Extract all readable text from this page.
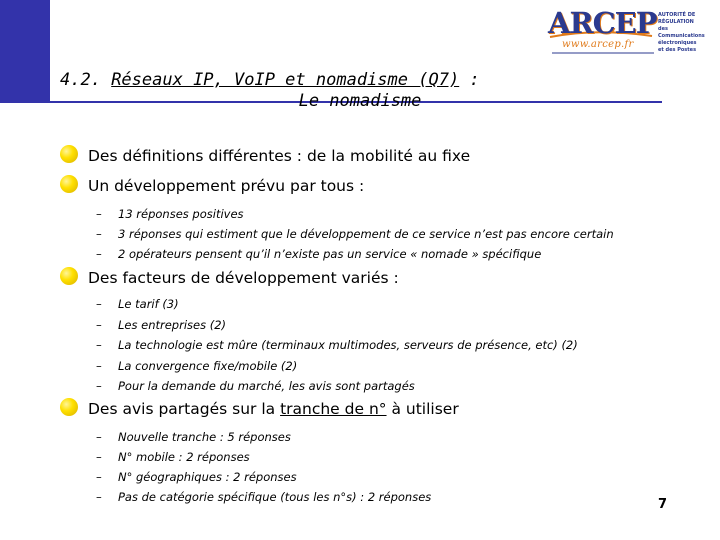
ARCEP
www.arcep.fr
AUTORITÉ DE RÉGULATION
des Communications électroniques
et des Postes
4.2. Réseaux IP, VoIP et nomadisme (Q7) :
Le nomadisme
Des définitions différentes : de la mobilité au fixe
Un développement prévu par tous :
– 13 réponses positives
– 3 réponses qui estiment que le développement de ce service n’est pas encore certain
– 2 opérateurs pensent qu’il n’existe pas un service « nomade » spécifique
Des facteurs de développement variés :
– Le tarif (3)
– Les entreprises (2)
– La technologie est mûre (terminaux multimodes, serveurs de présence, etc) (2)
– La convergence fixe/mobile (2)
– Pour la demande du marché, les avis sont partagés
Des avis partagés sur la tranche de n° à utiliser
– Nouvelle tranche : 5 réponses
– N° mobile : 2 réponses
– N° géographiques : 2 réponses
– Pas de catégorie spécifique (tous les n°s) : 2 réponses	7
